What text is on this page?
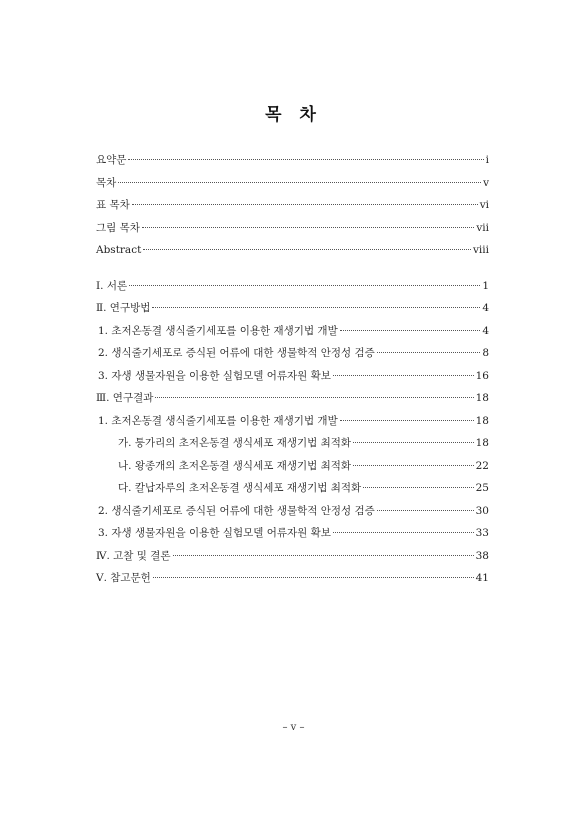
목 차
요약문	i
목차	v
표 목차	vi
그림 목차	vii
Abstract	viii
Ⅰ. 서론	1
Ⅱ. 연구방법	4
1. 초저온동결 생식줄기세포를 이용한 재생기법 개발	4
2. 생식줄기세포로 증식된 어류에 대한 생물학적 안정성 검증	8
3. 자생 생물자원을 이용한 실험모델 어류자원 확보	16
Ⅲ. 연구결과	18
1. 초저온동결 생식줄기세포를 이용한 재생기법 개발	18
가. 퉁가리의 초저온동결 생식세포 재생기법 최적화	18
나. 왕종개의 초저온동결 생식세포 재생기법 최적화	22
다. 칼납자루의 초저온동결 생식세포 재생기법 최적화	25
2. 생식줄기세포로 증식된 어류에 대한 생물학적 안정성 검증	30
3. 자생 생물자원을 이용한 실험모델 어류자원 확보	33
Ⅳ. 고찰 및 결론	38
Ⅴ. 참고문헌	41
– v –
